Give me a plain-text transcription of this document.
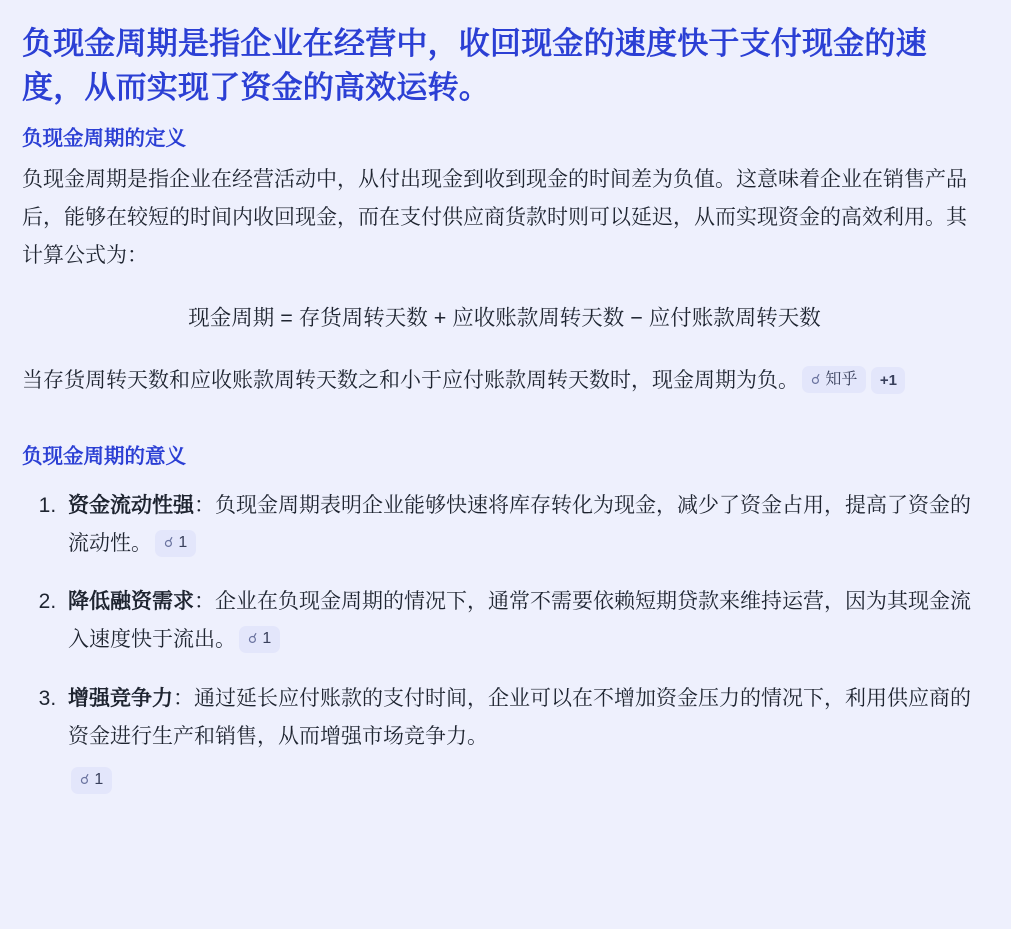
负现金周期是指企业在经营中，收回现金的速度快于支付现金的速度，从而实现了资金的高效运转。
负现金周期的定义

负现金周期是指企业在经营活动中，从付出现金到收到现金的时间差为负值。这意味着企业在销售产品后，能够在较短的时间内收回现金，而在支付供应商货款时则可以延迟，从而实现资金的高效利用。其计算公式为：

现金周期 = 存货周转天数 + 应收账款周转天数 − 应付账款周转天数

当存货周转天数和应收账款周转天数之和小于应付账款周转天数时，现金周期为负。 ☌ 知乎 +1

负现金周期的意义
1. 资金流动性强：负现金周期表明企业能够快速将库存转化为现金，减少了资金占用，提高了资金的流动性。 ☌ 1
2. 降低融资需求：企业在负现金周期的情况下，通常不需要依赖短期贷款来维持运营，因为其现金流入速度快于流出。 ☌ 1
3. 增强竞争力：通过延长应付账款的支付时间，企业可以在不增加资金压力的情况下，利用供应商的资金进行生产和销售，从而增强市场竞争力。
☌ 1
